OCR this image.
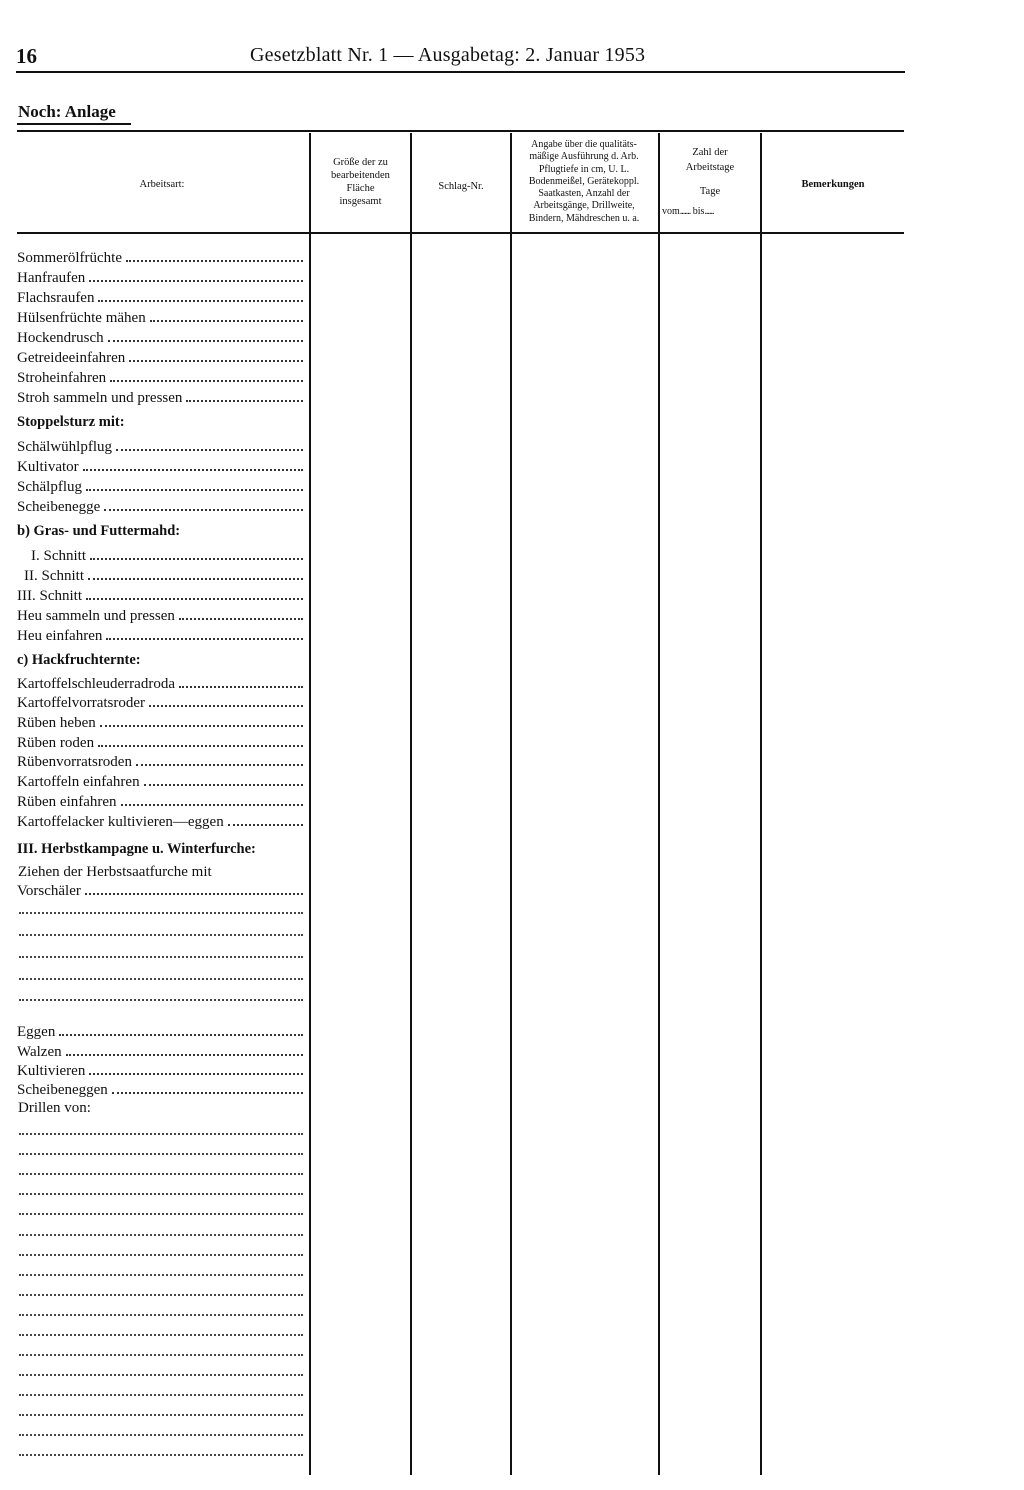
16	Gesetzblatt Nr. 1 — Ausgabetag: 2. Januar 1953
Noch: Anlage
Arbeitsart:
Größe der zu
bearbeitenden
Fläche
insgesamt
Schlag-Nr.
Angabe über die qualitäts-
mäßige Ausführung d. Arb.
Pflugtiefe in cm, U. L.
Bodenmeißel, Gerätekoppl.
Saatkasten, Anzahl der
Arbeitsgänge, Drillweite,
Bindern, Mähdreschen u. a.
Zahl der
Arbeitstage
Tage
vom....... bis......
Bemerkungen
Sommerölfrüchte
Hanfraufen
Flachsraufen
Hülsenfrüchte mähen
Hockendrusch
Getreideeinfahren
Stroheinfahren
Stroh sammeln und pressen
Stoppelsturz mit:
Schälwühlpflug
Kultivator
Schälpflug
Scheibenegge
b) Gras- und Futtermahd:
I. Schnitt
II. Schnitt
III. Schnitt
Heu sammeln und pressen
Heu einfahren
c) Hackfruchternte:
Kartoffelschleuderradroda
Kartoffelvorratsroder
Rüben heben
Rüben roden
Rübenvorratsroden
Kartoffeln einfahren
Rüben einfahren
Kartoffelacker kultivieren—eggen
III. Herbstkampagne u. Winterfurche:
Ziehen der Herbstsaatfurche mit
Vorschäler
Eggen
Walzen
Kultivieren
Scheibeneggen
Drillen von:
